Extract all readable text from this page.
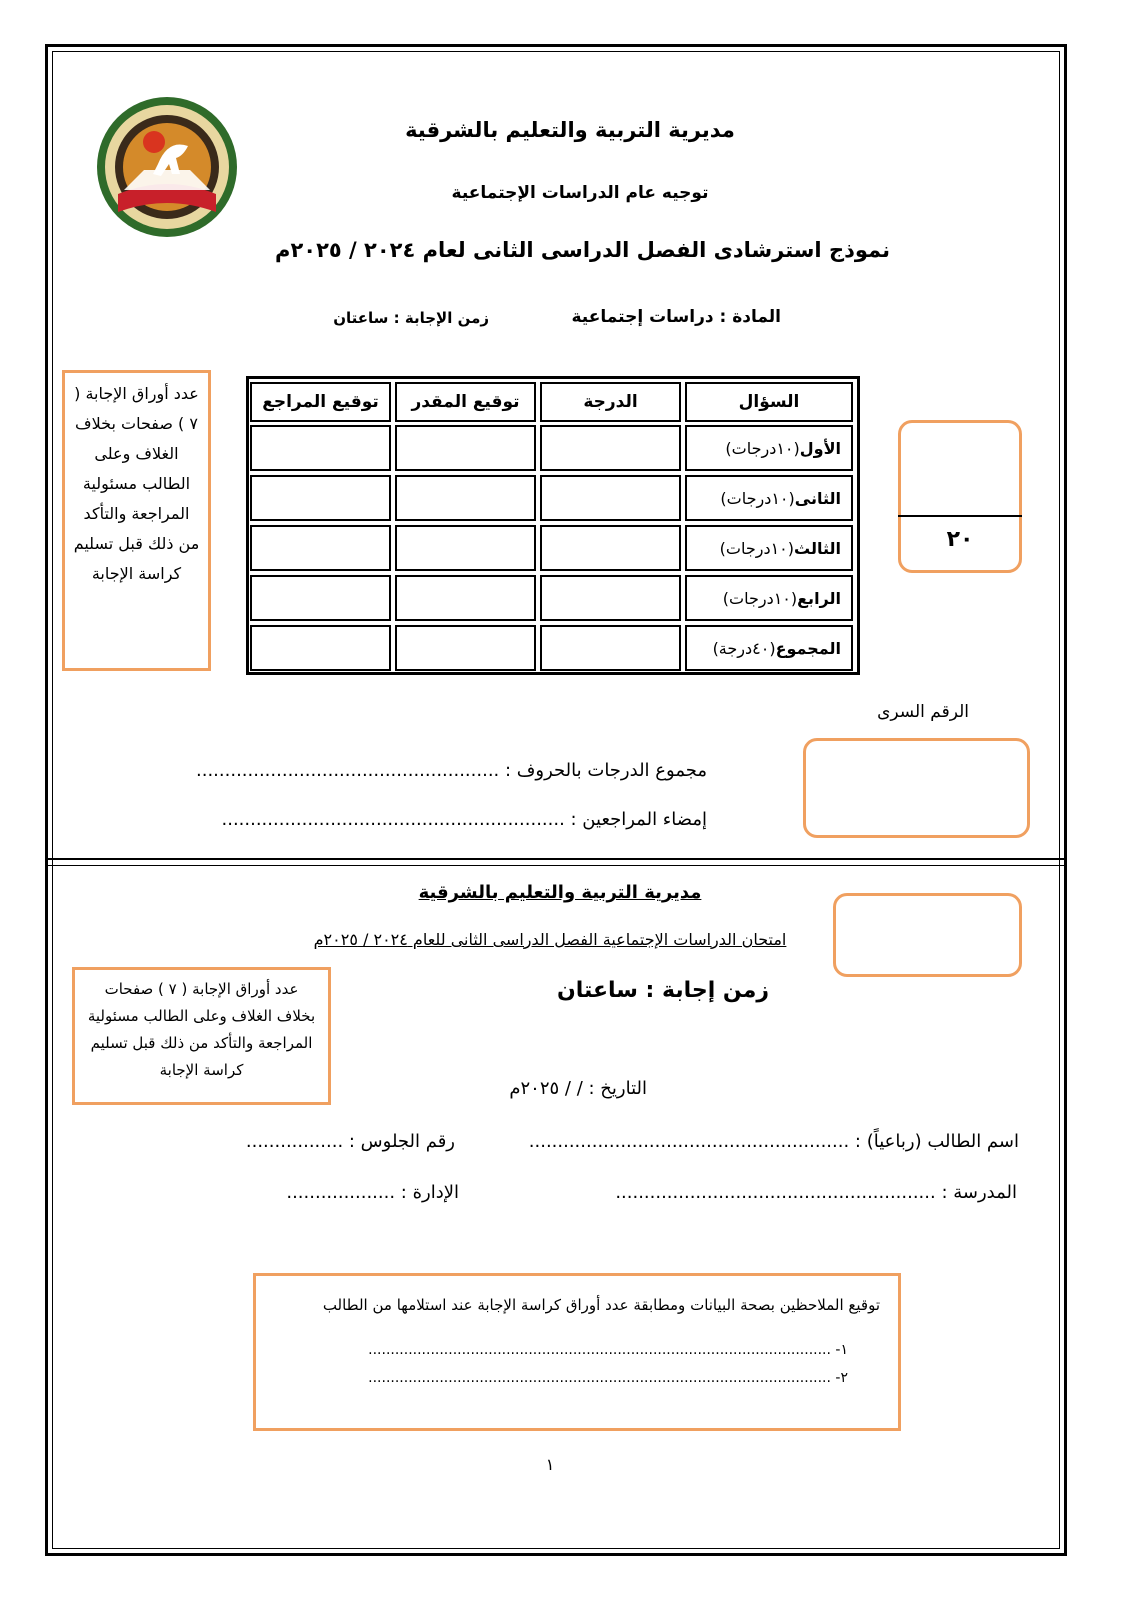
مديرية التربية والتعليم بالشرقية
توجيه عام الدراسات الإجتماعية
نموذج استرشادى الفصل الدراسى الثانى لعام ٢٠٢٤ / ٢٠٢٥م
المادة : دراسات إجتماعية
زمن الإجابة : ساعتان
عدد أوراق الإجابة ( ٧ ) صفحات بخلاف الغلاف وعلى الطالب مسئولية المراجعة والتأكد من ذلك قبل تسليم كراسة الإجابة
السؤال
الدرجة
توقيع المقدر
توقيع المراجع
الأول
(١٠درجات)
الثانى
(١٠درجات)
الثالث
(١٠درجات)
الرابع
(١٠درجات)
المجموع
(٤٠درجة)
٢٠
الرقم السرى
مجموع الدرجات بالحروف : .....................................................
إمضاء المراجعين : ............................................................
مديرية التربية والتعليم بالشرقية
امتحان الدراسات الإجتماعية الفصل الدراسى الثانى للعام ٢٠٢٤ / ٢٠٢٥م
عدد أوراق الإجابة ( ٧ ) صفحات بخلاف الغلاف وعلى الطالب مسئولية المراجعة والتأكد من ذلك قبل تسليم كراسة الإجابة
زمن إجابة : ساعتان
التاريخ : / / ٢٠٢٥م
اسم الطالب (رباعياً) : ........................................................
رقم الجلوس : .................
المدرسة : ........................................................
الإدارة : ...................
توقيع الملاحظين بصحة البيانات ومطابقة عدد أوراق كراسة الإجابة عند استلامها من الطالب
١- ........................................................................................................
٢- ........................................................................................................
١
